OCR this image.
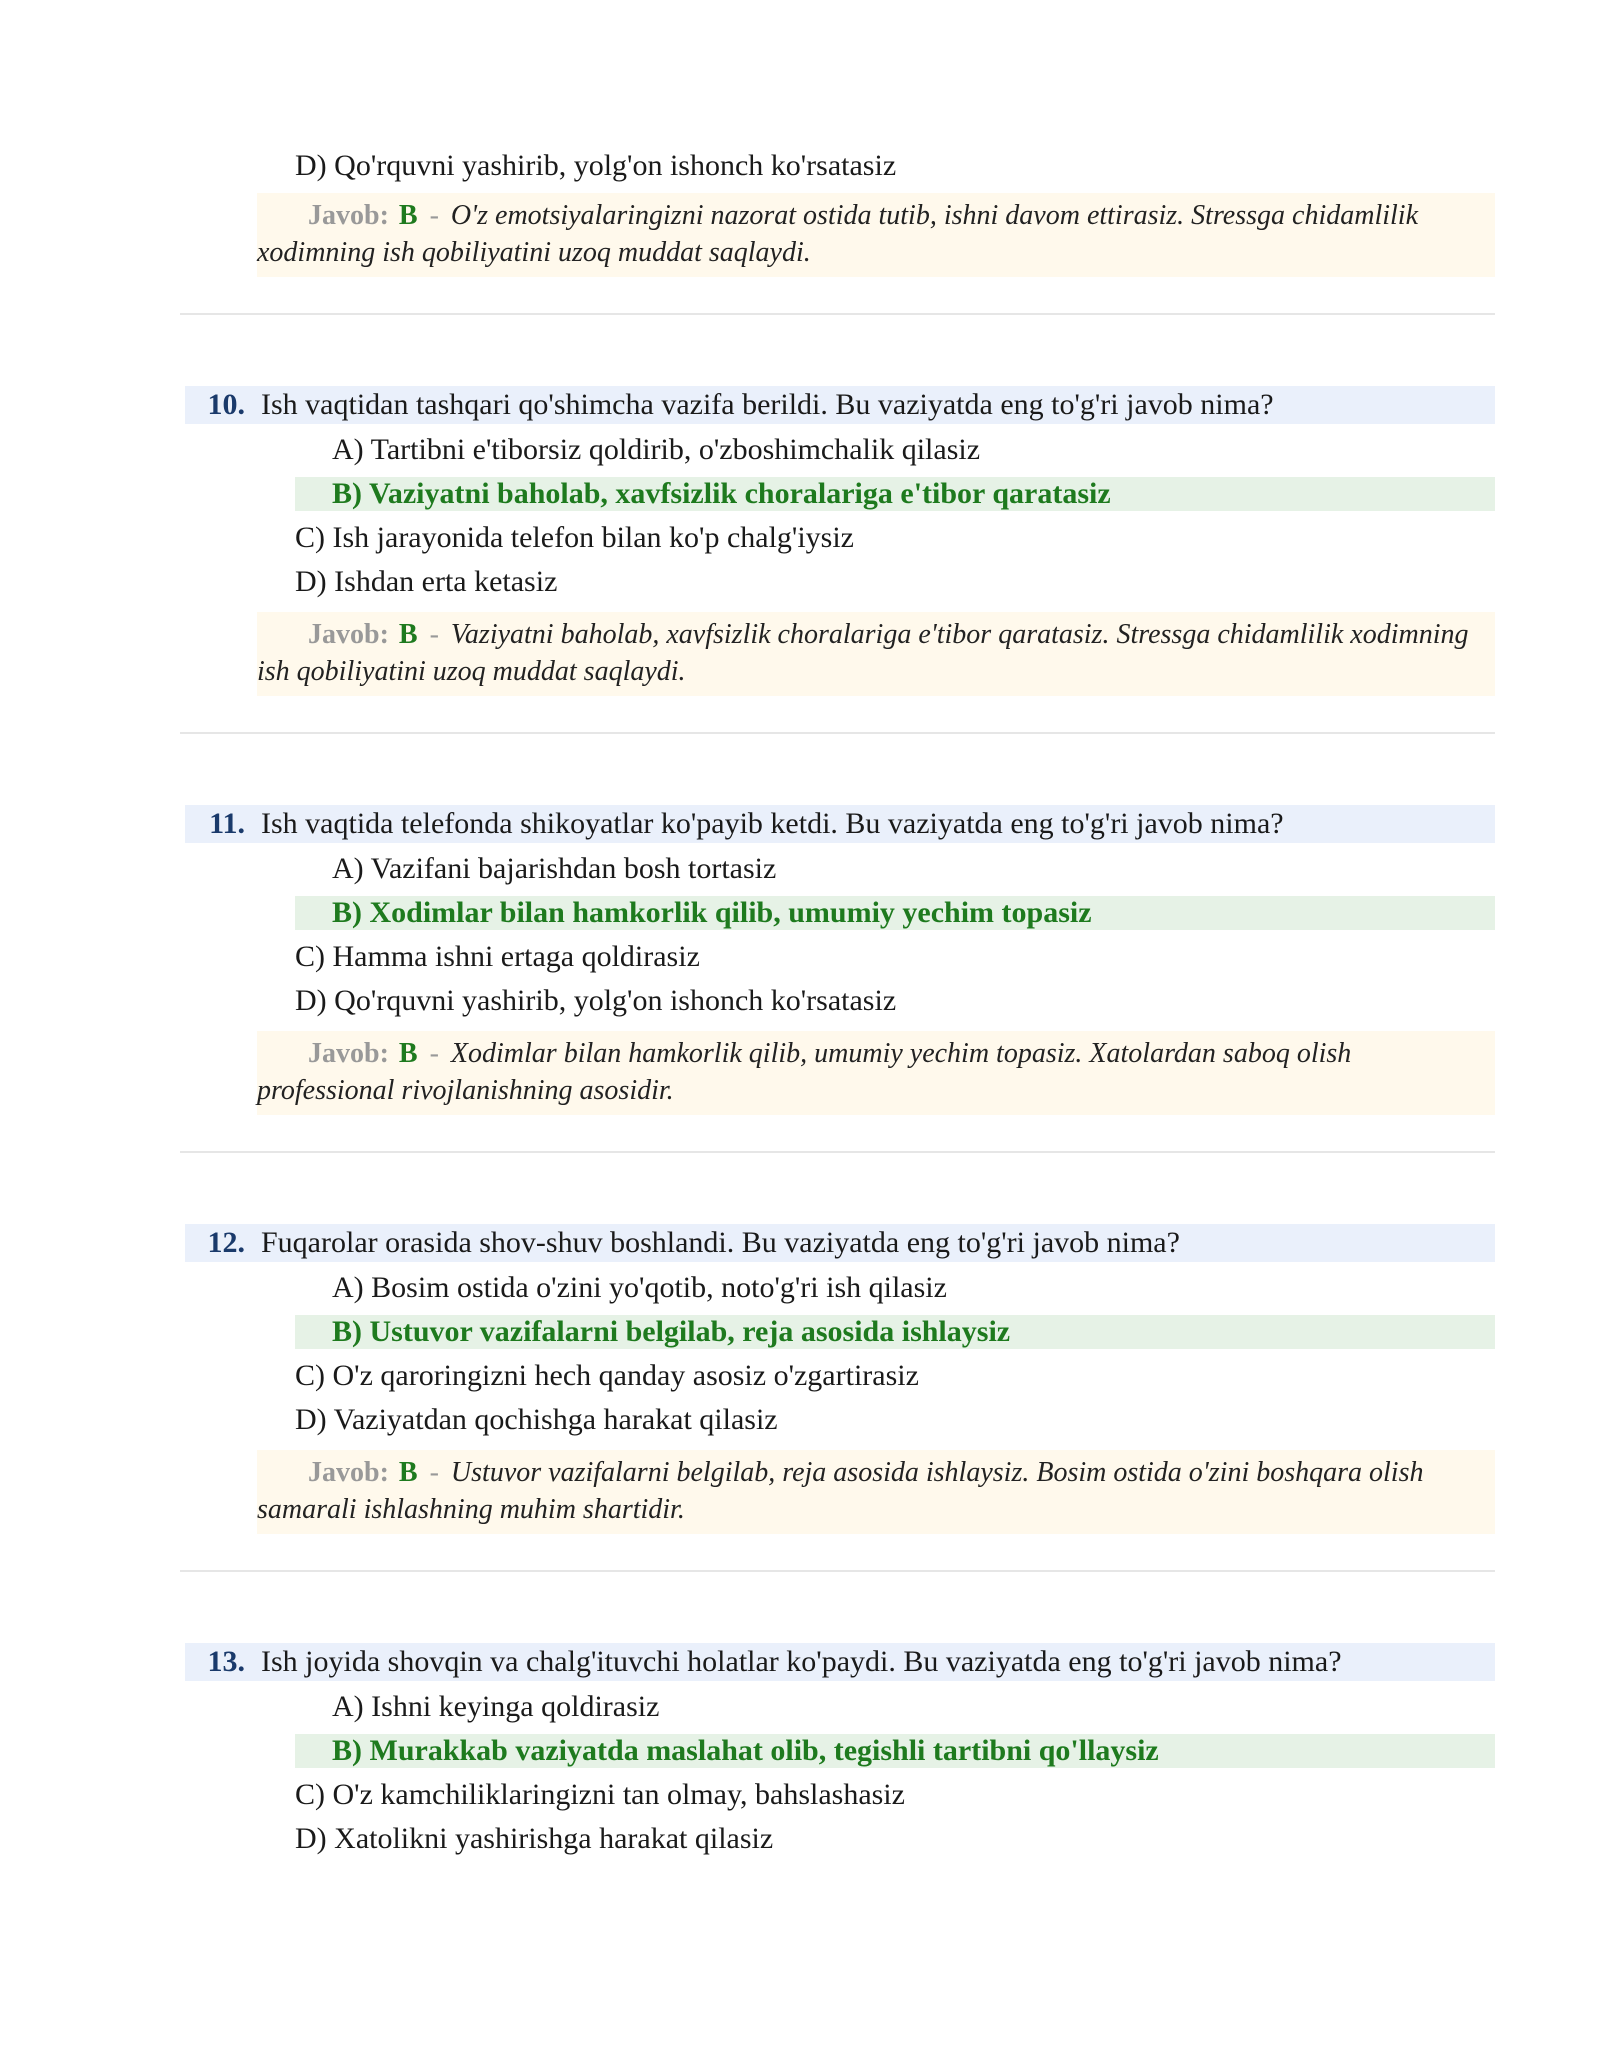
D) Qo'rquvni yashirib, yolg'on ishonch ko'rsatasiz
Javob: B - O'z emotsiyalaringizni nazorat ostida tutib, ishni davom ettirasiz. Stressga chidamlilik xodimning ish qobiliyatini uzoq muddat saqlaydi.
10. Ish vaqtidan tashqari qo'shimcha vazifa berildi. Bu vaziyatda eng to'g'ri javob nima?
A) Tartibni e'tiborsiz qoldirib, o'zboshimchalik qilasiz
B) Vaziyatni baholab, xavfsizlik choralariga e'tibor qaratasiz
C) Ish jarayonida telefon bilan ko'p chalg'iysiz
D) Ishdan erta ketasiz
Javob: B - Vaziyatni baholab, xavfsizlik choralariga e'tibor qaratasiz. Stressga chidamlilik xodimning ish qobiliyatini uzoq muddat saqlaydi.
11. Ish vaqtida telefonda shikoyatlar ko'payib ketdi. Bu vaziyatda eng to'g'ri javob nima?
A) Vazifani bajarishdan bosh tortasiz
B) Xodimlar bilan hamkorlik qilib, umumiy yechim topasiz
C) Hamma ishni ertaga qoldirasiz
D) Qo'rquvni yashirib, yolg'on ishonch ko'rsatasiz
Javob: B - Xodimlar bilan hamkorlik qilib, umumiy yechim topasiz. Xatolardan saboq olish professional rivojlanishning asosidir.
12. Fuqarolar orasida shov-shuv boshlandi. Bu vaziyatda eng to'g'ri javob nima?
A) Bosim ostida o'zini yo'qotib, noto'g'ri ish qilasiz
B) Ustuvor vazifalarni belgilab, reja asosida ishlaysiz
C) O'z qaroringizni hech qanday asosiz o'zgartirasiz
D) Vaziyatdan qochishga harakat qilasiz
Javob: B - Ustuvor vazifalarni belgilab, reja asosida ishlaysiz. Bosim ostida o'zini boshqara olish samarali ishlashning muhim shartidir.
13. Ish joyida shovqin va chalg'ituvchi holatlar ko'paydi. Bu vaziyatda eng to'g'ri javob nima?
A) Ishni keyinga qoldirasiz
B) Murakkab vaziyatda maslahat olib, tegishli tartibni qo'llaysiz
C) O'z kamchiliklaringizni tan olmay, bahslashasiz
D) Xatolikni yashirishga harakat qilasiz
